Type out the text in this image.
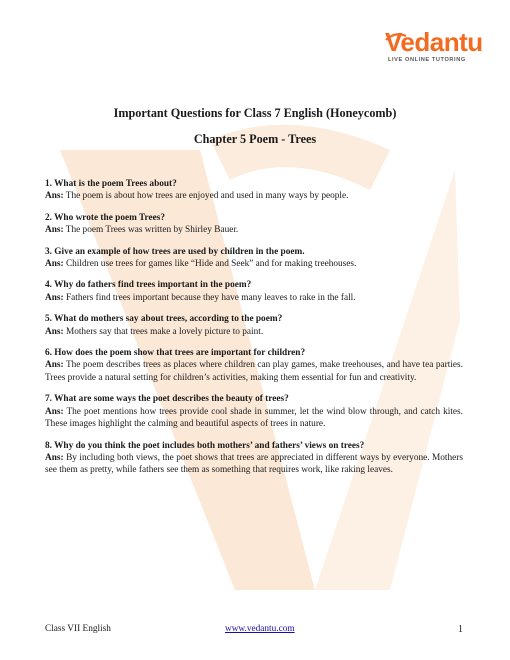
Vedantu
LIVE ONLINE TUTORING
Important Questions for Class 7 English (Honeycomb)
Chapter 5 Poem - Trees
1. What is the poem Trees about?
Ans: The poem is about how trees are enjoyed and used in many ways by people.
2. Who wrote the poem Trees?
Ans: The poem Trees was written by Shirley Bauer.
3. Give an example of how trees are used by children in the poem.
Ans: Children use trees for games like “Hide and Seek” and for making treehouses.
4. Why do fathers find trees important in the poem?
Ans: Fathers find trees important because they have many leaves to rake in the fall.
5. What do mothers say about trees, according to the poem?
Ans: Mothers say that trees make a lovely picture to paint.
6. How does the poem show that trees are important for children?
Ans: The poem describes trees as places where children can play games, make treehouses, and have tea parties. Trees provide a natural setting for children’s activities, making them essential for fun and creativity.
7. What are some ways the poet describes the beauty of trees?
Ans: The poet mentions how trees provide cool shade in summer, let the wind blow through, and catch kites. These images highlight the calming and beautiful aspects of trees in nature.
8. Why do you think the poet includes both mothers’ and fathers’ views on trees?
Ans: By including both views, the poet shows that trees are appreciated in different ways by everyone. Mothers see them as pretty, while fathers see them as something that requires work, like raking leaves.
Class VII English	www.vedantu.com	1
